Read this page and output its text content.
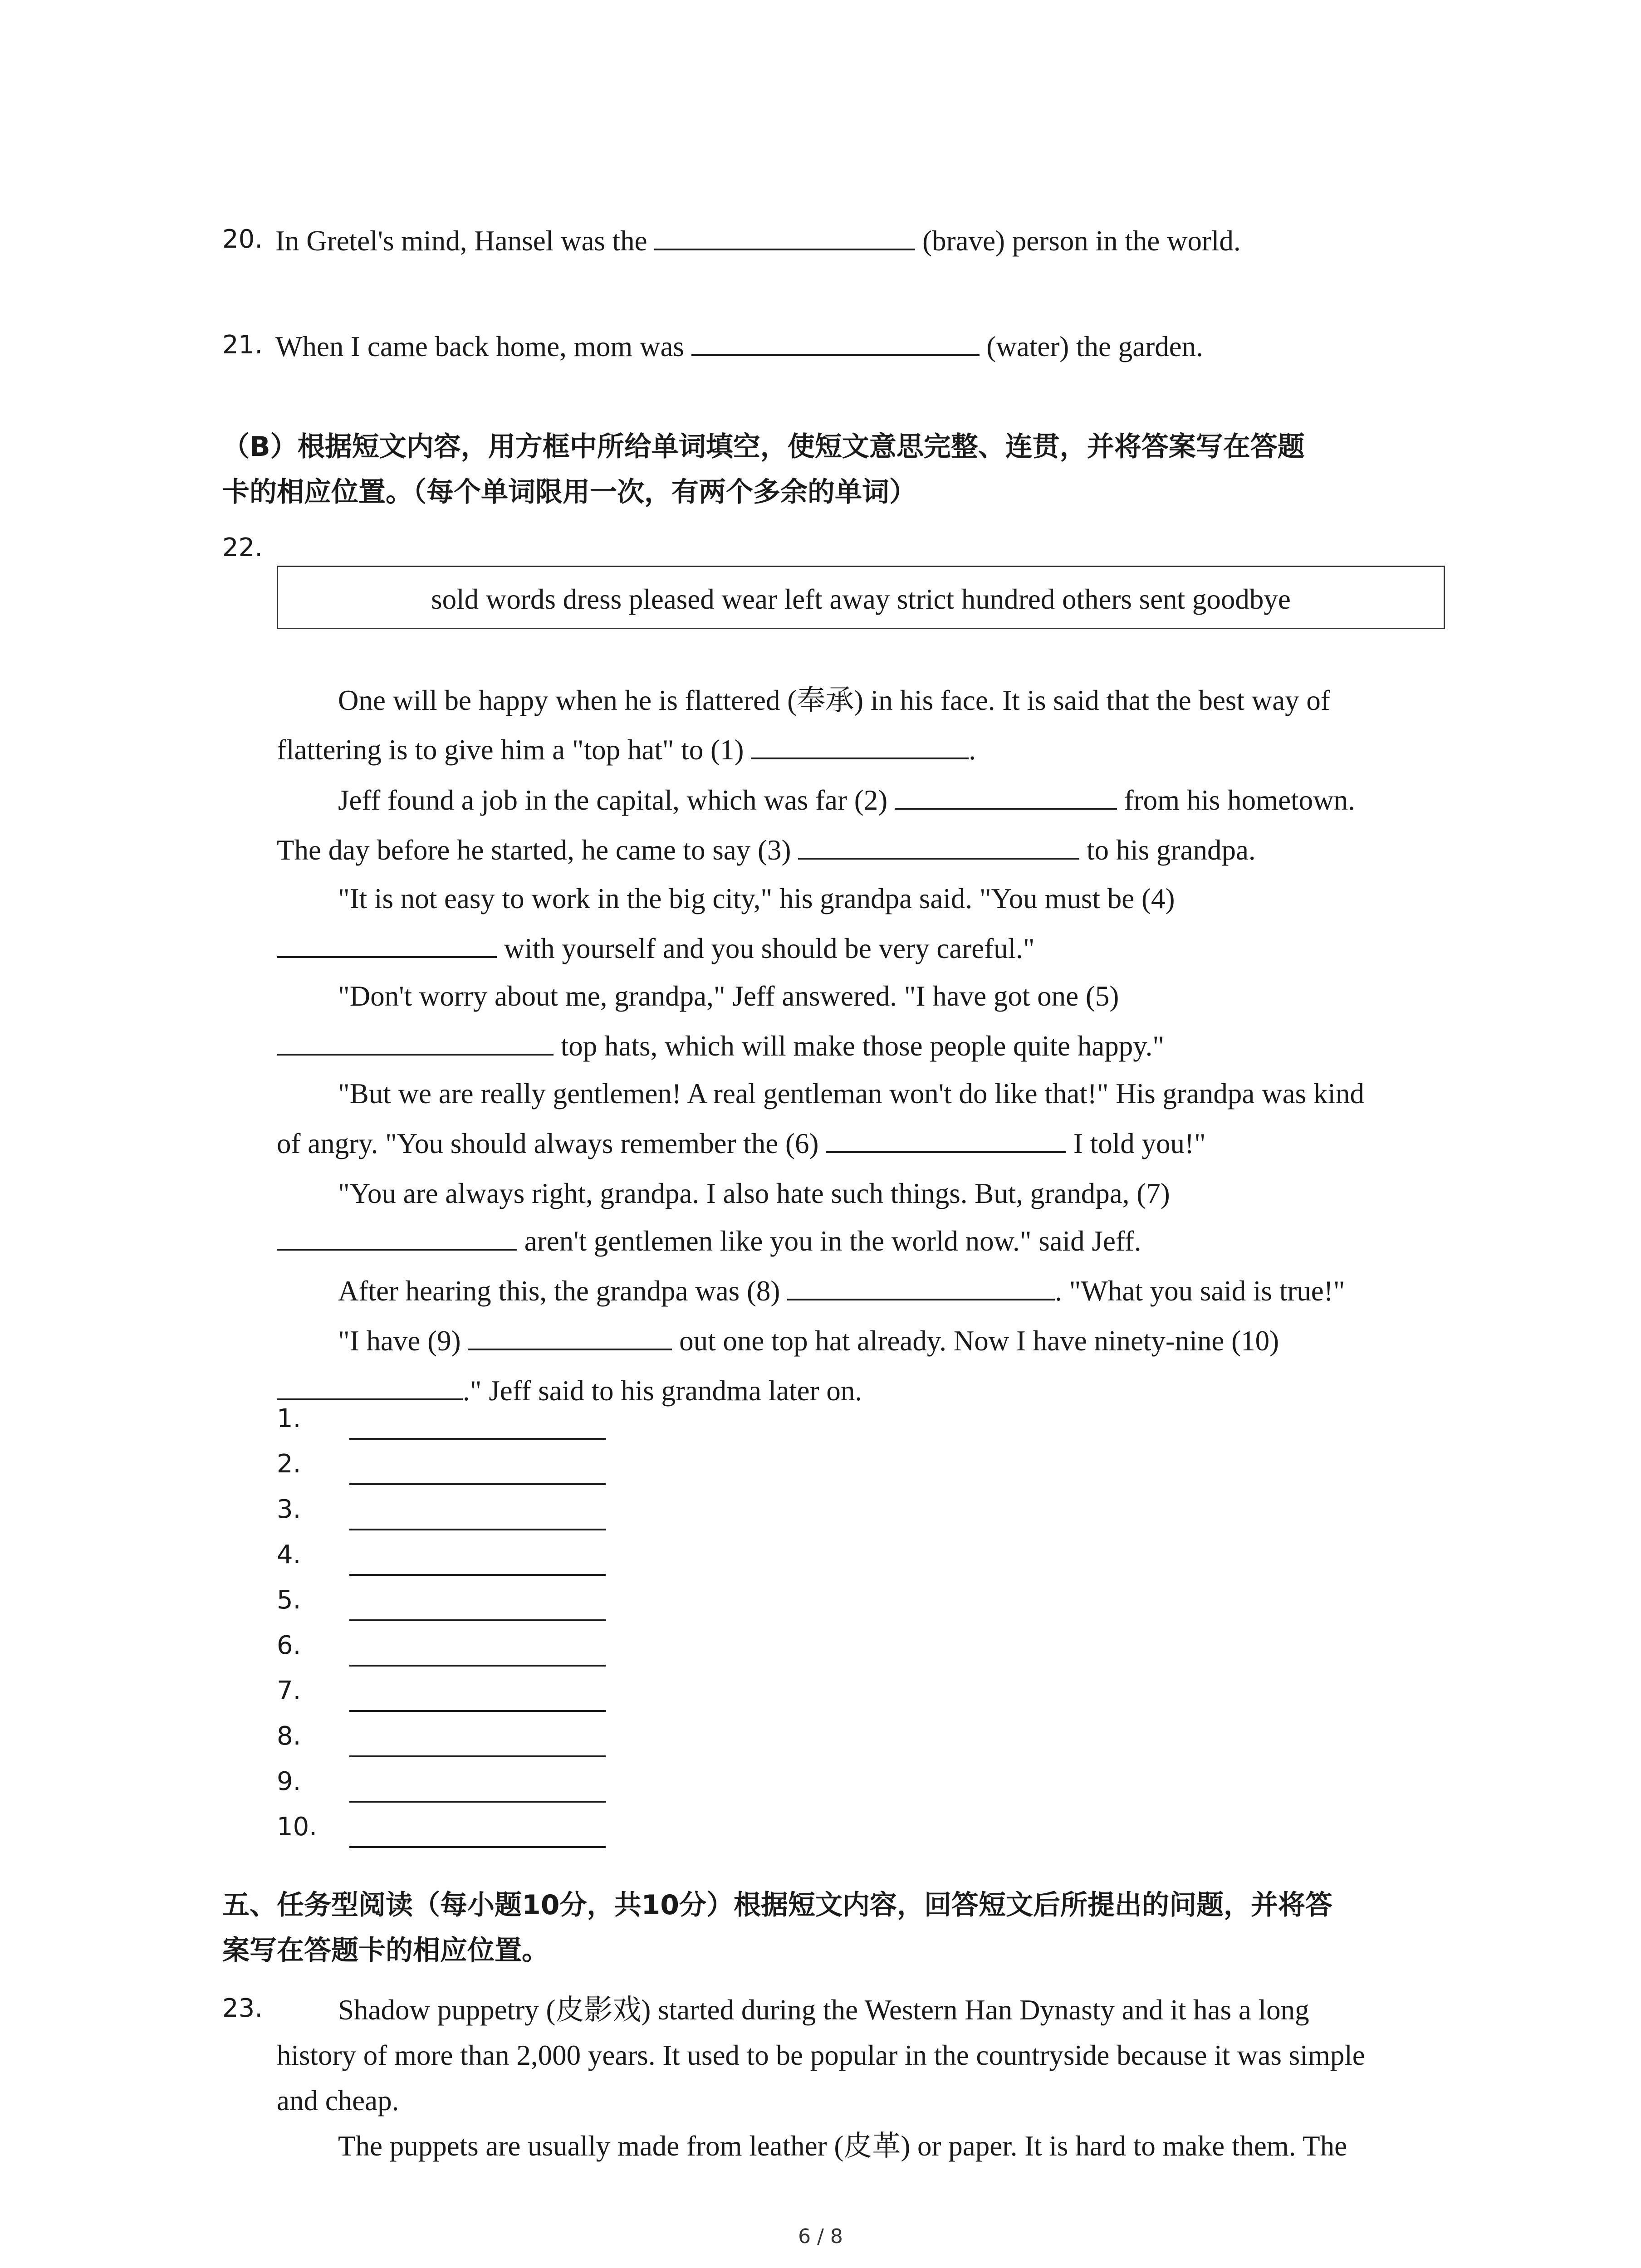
20. In Gretel's mind, Hansel was the	(brave) person in the world.
21. When I came back home, mom was	(water) the garden.
（B）根据短文内容，用方框中所给单词填空，使短文意思完整、连贯，并将答案写在答题
卡的相应位置。（每个单词限用一次，有两个多余的单词）
22.
sold words dress pleased wear left away strict hundred others sent goodbye
One will be happy when he is flattered (奉承) in his face. It is said that the best way of
flattering is to give him a "top hat" to (1)	.
Jeff found a job in the capital, which was far (2)	from his hometown.
The day before he started, he came to say (3)	to his grandpa.
"It is not easy to work in the big city," his grandpa said. "You must be (4)
with yourself and you should be very careful."
"Don't worry about me, grandpa," Jeff answered. "I have got one (5)
top hats, which will make those people quite happy."
"But we are really gentlemen! A real gentleman won't do like that!" His grandpa was kind
of angry. "You should always remember the (6)	I told you!"
"You are always right, grandpa. I also hate such things. But, grandpa, (7)
aren't gentlemen like you in the world now." said Jeff.
After hearing this, the grandpa was (8)	. "What you said is true!"
"I have (9)	out one top hat already. Now I have ninety-nine (10)
." Jeff said to his grandma later on.
1.
2.
3.
4.
5.
6.
7.
8.
9.
10.
五、任务型阅读（每小题10分，共10分）根据短文内容，回答短文后所提出的问题，并将答
案写在答题卡的相应位置。
23.	Shadow puppetry (皮影戏) started during the Western Han Dynasty and it has a long
history of more than 2,000 years. It used to be popular in the countryside because it was simple
and cheap.
The puppets are usually made from leather (皮革) or paper. It is hard to make them. The
6 / 8
